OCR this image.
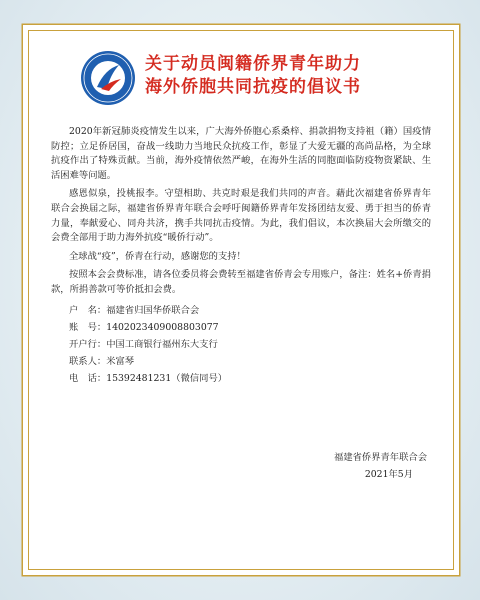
福建省侨界青年联合会
关于动员闽籍侨界青年助力
海外侨胞共同抗疫的倡议书

2020年新冠肺炎疫情发生以来，广大海外侨胞心系桑梓、捐款捐物支持祖（籍）国疫情防控；立足侨居国，奋战一线助力当地民众抗疫工作，彰显了大爱无疆的高尚品格，为全球抗疫作出了特殊贡献。当前，海外疫情依然严峻，在海外生活的同胞面临防疫物资紧缺、生活困难等问题。

感恩似泉，投桃报李。守望相助、共克时艰是我们共同的声音。藉此次福建省侨界青年联合会换届之际，福建省侨界青年联合会呼吁闽籍侨界青年发扬团结友爱、勇于担当的侨青力量，奉献爱心、同舟共济，携手共同抗击疫情。为此，我们倡议，本次换届大会所缴交的会费全部用于助力海外抗疫“暖侨行动”。

全球战“疫”，侨青在行动，感谢您的支持！

按照本会会费标准，请各位委员将会费转至福建省侨青会专用账户，备注：姓名+侨青捐款，所捐善款可等价抵扣会费。

户　名：福建省归国华侨联合会
账　号：1402023409008803077
开户行：中国工商银行福州东大支行
联系人：米富琴
电　话：15392481231（微信同号）
福建省侨界青年联合会
2021年5月
